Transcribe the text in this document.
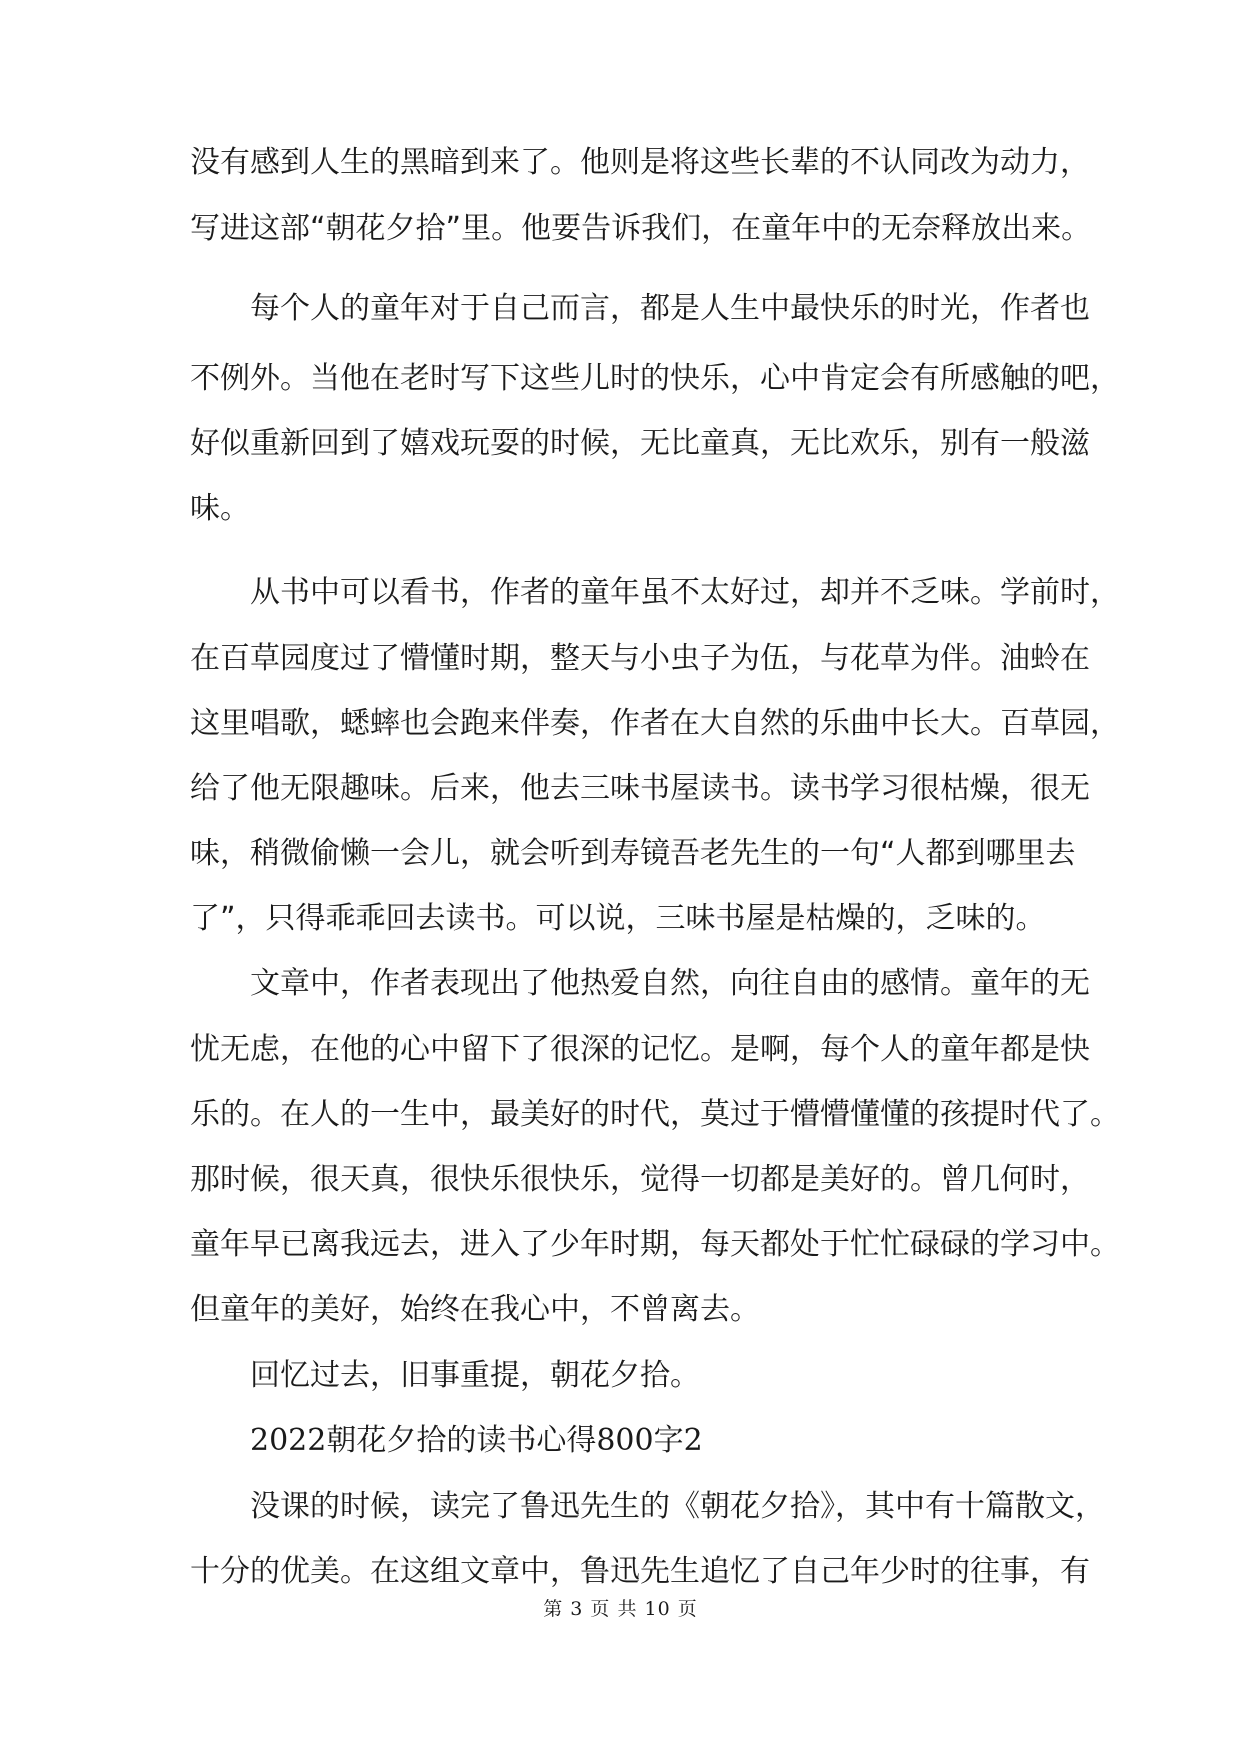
没有感到人生的黑暗到来了。他则是将这些长辈的不认同改为动力，
写进这部“朝花夕拾”里。他要告诉我们，在童年中的无奈释放出来。
每个人的童年对于自己而言，都是人生中最快乐的时光，作者也
不例外。当他在老时写下这些儿时的快乐，心中肯定会有所感触的吧，
好似重新回到了嬉戏玩耍的时候，无比童真，无比欢乐，别有一般滋
味。
从书中可以看书，作者的童年虽不太好过，却并不乏味。学前时，
在百草园度过了懵懂时期，整天与小虫子为伍，与花草为伴。油蛉在
这里唱歌，蟋蟀也会跑来伴奏，作者在大自然的乐曲中长大。百草园，
给了他无限趣味。后来，他去三味书屋读书。读书学习很枯燥，很无
味，稍微偷懒一会儿，就会听到寿镜吾老先生的一句“人都到哪里去
了”，只得乖乖回去读书。可以说，三味书屋是枯燥的，乏味的。
文章中，作者表现出了他热爱自然，向往自由的感情。童年的无
忧无虑，在他的心中留下了很深的记忆。是啊，每个人的童年都是快
乐的。在人的一生中，最美好的时代，莫过于懵懵懂懂的孩提时代了。
那时候，很天真，很快乐很快乐，觉得一切都是美好的。曾几何时，
童年早已离我远去，进入了少年时期，每天都处于忙忙碌碌的学习中。
但童年的美好，始终在我心中，不曾离去。
回忆过去，旧事重提，朝花夕拾。
2022朝花夕拾的读书心得800字2
没课的时候，读完了鲁迅先生的《朝花夕拾》，其中有十篇散文，
十分的优美。在这组文章中，鲁迅先生追忆了自己年少时的往事，有
第 3 页 共 10 页
